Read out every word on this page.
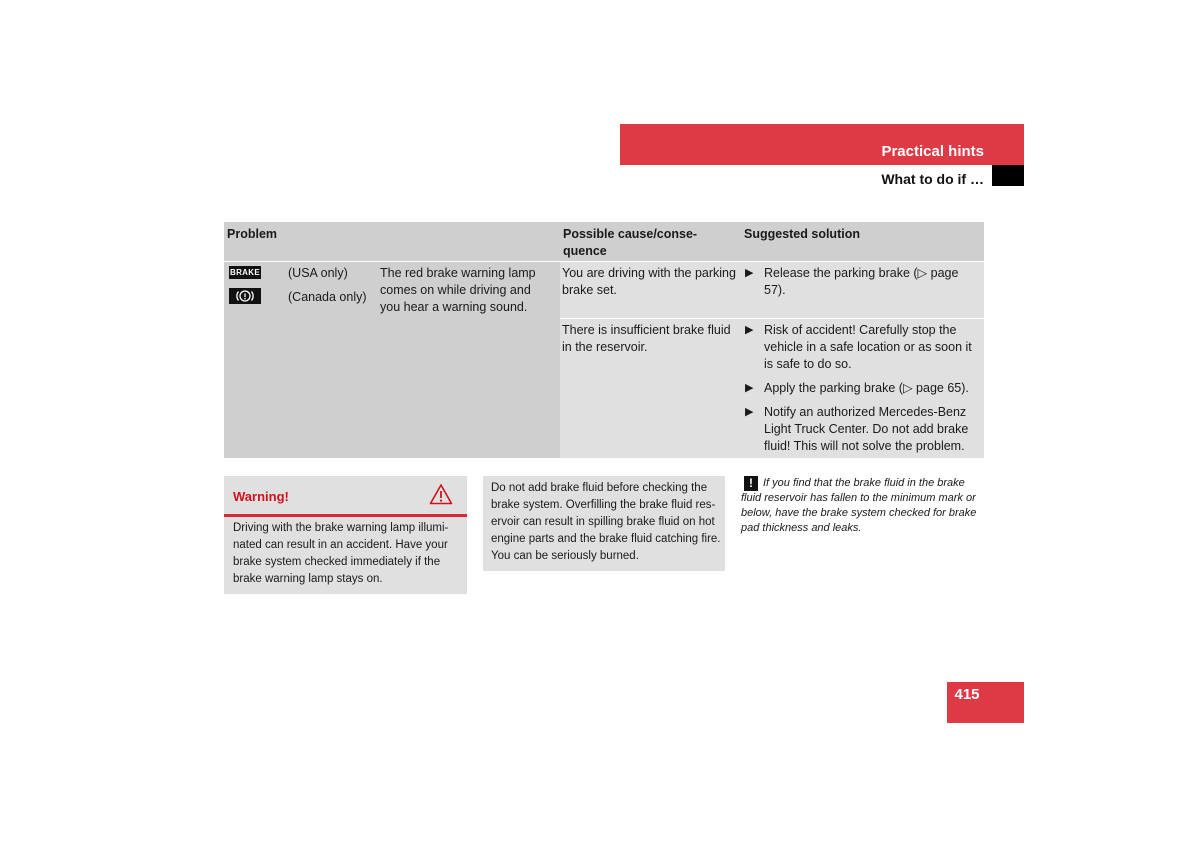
Practical hints
What to do if …
Problem	Possible cause/conse-quence
Suggested solution
BRAKE (USA only)
(Canada only)
The red brake warning lamp comes on while driving and you hear a warning sound.
You are driving with the parking brake set.
▶ Release the parking brake (▷ page 57).
There is insufficient brake fluid in the reservoir.
▶ Risk of accident! Carefully stop the vehicle in a safe location or as soon it is safe to do so.
▶ Apply the parking brake (▷ page 65).
▶ Notify an authorized Mercedes-Benz Light Truck Center. Do not add brake fluid! This will not solve the problem.
Warning!
Driving with the brake warning lamp illumi-nated can result in an accident. Have your brake system checked immediately if the brake warning lamp stays on.
Do not add brake fluid before checking the brake system. Overfilling the brake fluid res-ervoir can result in spilling brake fluid on hot engine parts and the brake fluid catching fire. You can be seriously burned.
If you find that the brake fluid in the brake fluid reservoir has fallen to the minimum mark or below, have the brake system checked for brake pad thickness and leaks.
!
415
